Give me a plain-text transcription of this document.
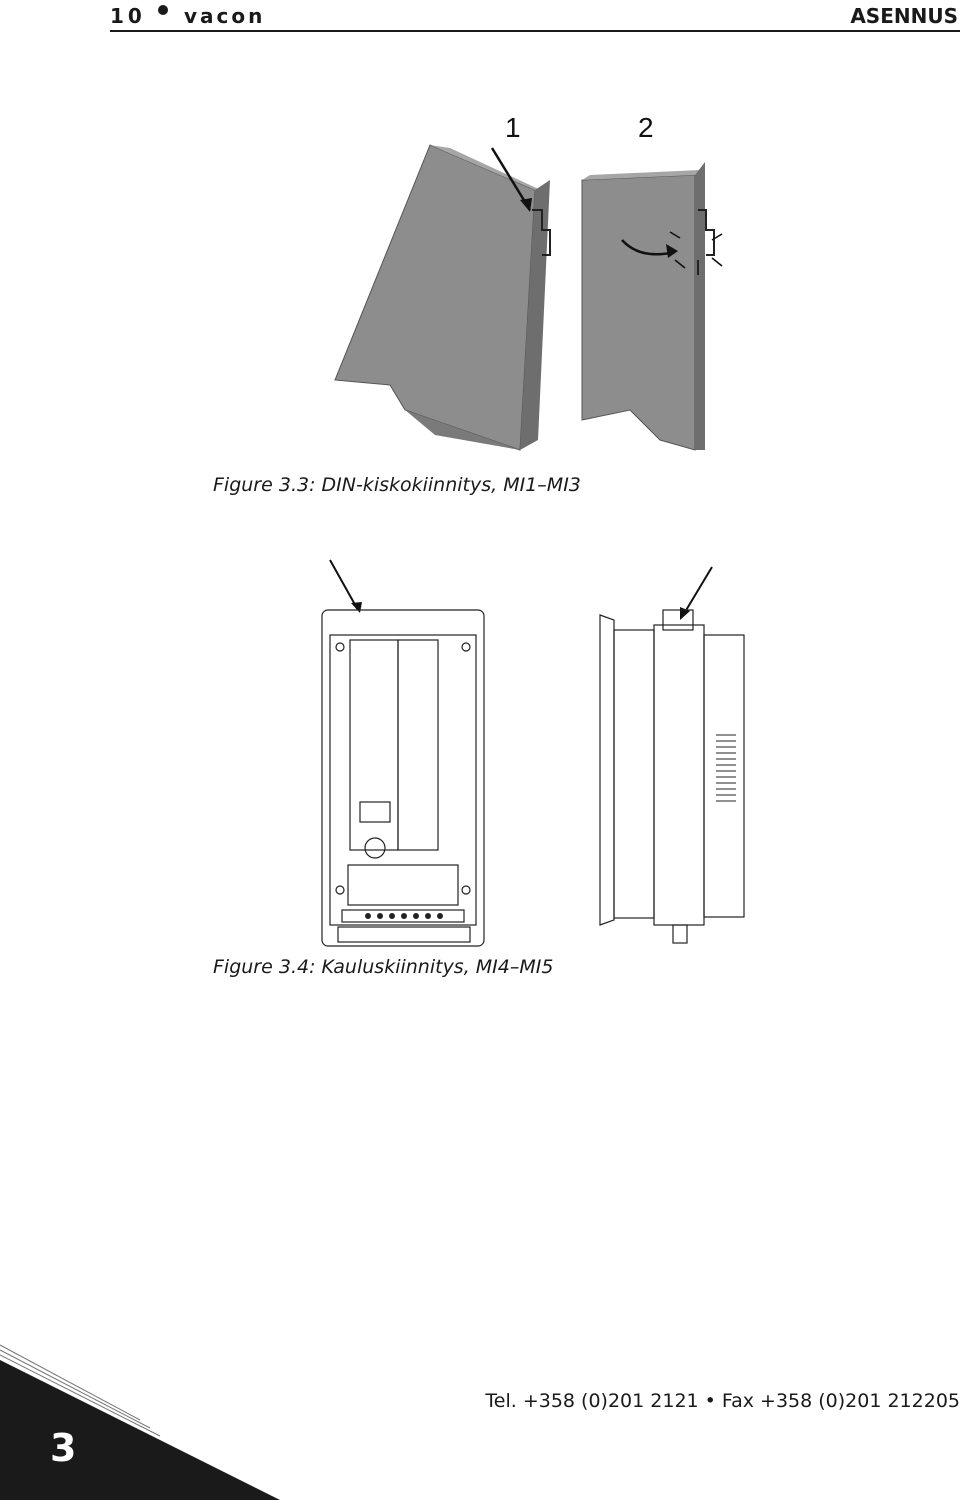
10 vacon	ASENNUS
1	2
Figure 3.3: DIN-kiskokiinnitys, MI1–MI3
Figure 3.4: Kauluskiinnitys, MI4–MI5
3
Tel. +358 (0)201 2121 • Fax +358 (0)201 212205
